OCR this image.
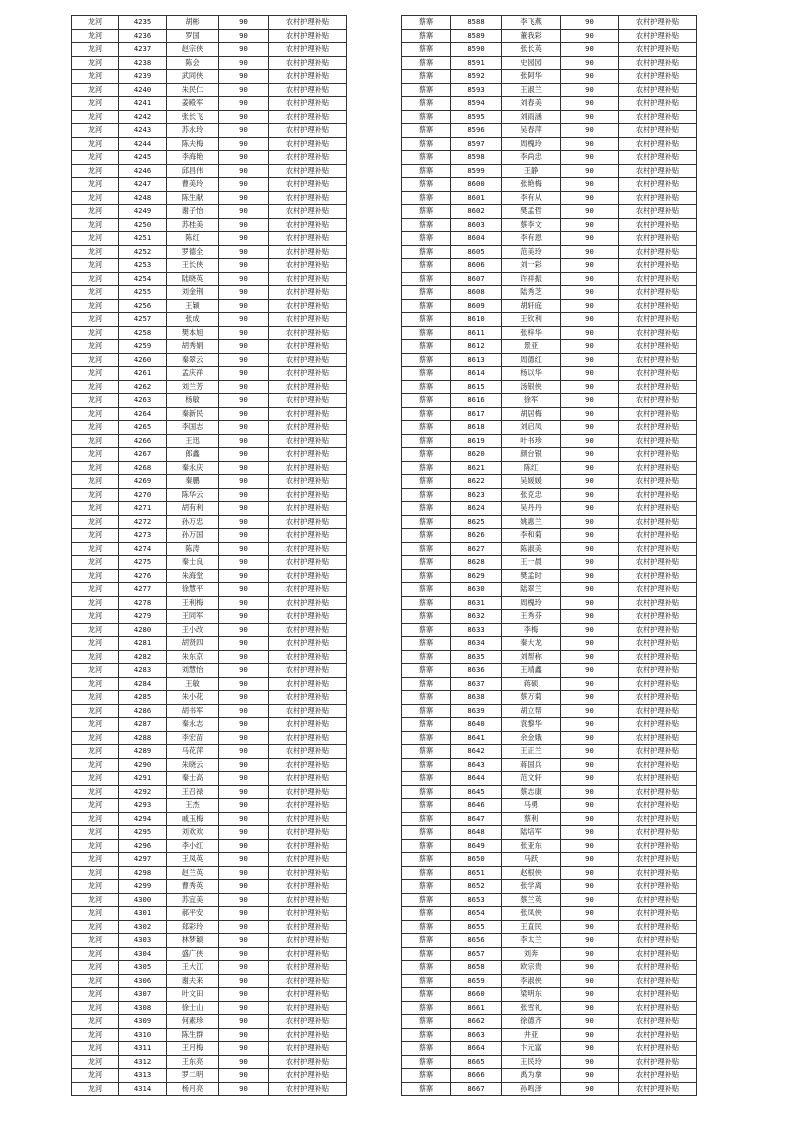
龙河	4235	胡彬	90	农村护理补贴
龙河	4236	罗国	90	农村护理补贴
龙河	4237	赵宗侠	90	农村护理补贴
龙河	4238	陈会	90	农村护理补贴
龙河	4239	武同侠	90	农村护理补贴
龙河	4240	朱民仁	90	农村护理补贴
龙河	4241	姜殿军	90	农村护理补贴
龙河	4242	张长飞	90	农村护理补贴
龙河	4243	苏永玲	90	农村护理补贴
龙河	4244	陈夫梅	90	农村护理补贴
龙河	4245	李海艳	90	农村护理补贴
龙河	4246	邱昌伟	90	农村护理补贴
龙河	4247	曹美玲	90	农村护理补贴
龙河	4248	陈生献	90	农村护理补贴
龙河	4249	谢子怡	90	农村护理补贴
龙河	4250	苏桂美	90	农村护理补贴
龙河	4251	陈红	90	农村护理补贴
龙河	4252	罗德全	90	农村护理补贴
龙河	4253	王长侠	90	农村护理补贴
龙河	4254	陆晓英	90	农村护理补贴
龙河	4255	刘金荆	90	农村护理补贴
龙河	4256	王颖	90	农村护理补贴
龙河	4257	张成	90	农村护理补贴
龙河	4258	樊本旭	90	农村护理补贴
龙河	4259	胡秀娟	90	农村护理补贴
龙河	4260	秦翠云	90	农村护理补贴
龙河	4261	孟庆祥	90	农村护理补贴
龙河	4262	刘兰芳	90	农村护理补贴
龙河	4263	杨敏	90	农村护理补贴
龙河	4264	秦新民	90	农村护理补贴
龙河	4265	李国志	90	农村护理补贴
龙河	4266	王迅	90	农村护理补贴
龙河	4267	郎鑫	90	农村护理补贴
龙河	4268	秦永庆	90	农村护理补贴
龙河	4269	秦鹏	90	农村护理补贴
龙河	4270	陈华云	90	农村护理补贴
龙河	4271	胡有利	90	农村护理补贴
龙河	4272	孙万忠	90	农村护理补贴
龙河	4273	孙万国	90	农村护理补贴
龙河	4274	陈涛	90	农村护理补贴
龙河	4275	秦士良	90	农村护理补贴
龙河	4276	朱海堂	90	农村护理补贴
龙河	4277	徐慧平	90	农村护理补贴
龙河	4278	王利梅	90	农村护理补贴
龙河	4279	王同军	90	农村护理补贴
龙河	4280	王小改	90	农村护理补贴
龙河	4281	胡贤四	90	农村护理补贴
龙河	4282	朱东京	90	农村护理补贴
龙河	4283	刘慧怡	90	农村护理补贴
龙河	4284	王敏	90	农村护理补贴
龙河	4285	朱小花	90	农村护理补贴
龙河	4286	胡书军	90	农村护理补贴
龙河	4287	秦永志	90	农村护理补贴
龙河	4288	李宏苗	90	农村护理补贴
龙河	4289	马花萍	90	农村护理补贴
龙河	4290	朱晓云	90	农村护理补贴
龙河	4291	秦士高	90	农村护理补贴
龙河	4292	王召禄	90	农村护理补贴
龙河	4293	王杰	90	农村护理补贴
龙河	4294	戚玉梅	90	农村护理补贴
龙河	4295	刘欢欢	90	农村护理补贴
龙河	4296	李小红	90	农村护理补贴
龙河	4297	王凤英	90	农村护理补贴
龙河	4298	赵兰英	90	农村护理补贴
龙河	4299	曹秀英	90	农村护理补贴
龙河	4300	苏宜美	90	农村护理补贴
龙河	4301	郝平安	90	农村护理补贴
龙河	4302	郑彩玲	90	农村护理补贴
龙河	4303	林梦颖	90	农村护理补贴
龙河	4304	盛广侠	90	农村护理补贴
龙河	4305	王大江	90	农村护理补贴
龙河	4306	谢夫来	90	农村护理补贴
龙河	4307	叶文田	90	农村护理补贴
龙河	4308	徐士山	90	农村护理补贴
龙河	4309	何素珍	90	农村护理补贴
龙河	4310	陈生群	90	农村护理补贴
龙河	4311	王月梅	90	农村护理补贴
龙河	4312	王东亮	90	农村护理补贴
龙河	4313	罗二明	90	农村护理补贴
龙河	4314	杨月亮	90	农村护理补贴
蔡寨	8588	李飞燕	90	农村护理补贴
蔡寨	8589	董我彩	90	农村护理补贴
蔡寨	8590	张长英	90	农村护理补贴
蔡寨	8591	史园园	90	农村护理补贴
蔡寨	8592	张阿华	90	农村护理补贴
蔡寨	8593	王淑兰	90	农村护理补贴
蔡寨	8594	刘春美	90	农村护理补贴
蔡寨	8595	刘雨涵	90	农村护理补贴
蔡寨	8596	吴春萍	90	农村护理补贴
蔡寨	8597	周槐玲	90	农村护理补贴
蔡寨	8598	李尚忠	90	农村护理补贴
蔡寨	8599	王静	90	农村护理补贴
蔡寨	8600	张艳梅	90	农村护理补贴
蔡寨	8601	李有从	90	农村护理补贴
蔡寨	8602	樊孟哲	90	农村护理补贴
蔡寨	8603	蔡李文	90	农村护理补贴
蔡寨	8604	李有恩	90	农村护理补贴
蔡寨	8605	范美玲	90	农村护理补贴
蔡寨	8606	刘一彩	90	农村护理补贴
蔡寨	8607	许祥振	90	农村护理补贴
蔡寨	8608	陆秀芝	90	农村护理补贴
蔡寨	8609	胡轩庭	90	农村护理补贴
蔡寨	8610	王钦利	90	农村护理补贴
蔡寨	8611	张梓华	90	农村护理补贴
蔡寨	8612	景亚	90	农村护理补贴
蔡寨	8613	周德红	90	农村护理补贴
蔡寨	8614	杨以华	90	农村护理补贴
蔡寨	8615	汤银侠	90	农村护理补贴
蔡寨	8616	徐军	90	农村护理补贴
蔡寨	8617	胡居梅	90	农村护理补贴
蔡寨	8618	刘启凤	90	农村护理补贴
蔡寨	8619	叶书珍	90	农村护理补贴
蔡寨	8620	颜台银	90	农村护理补贴
蔡寨	8621	陈红	90	农村护理补贴
蔡寨	8622	吴媛媛	90	农村护理补贴
蔡寨	8623	张克忠	90	农村护理补贴
蔡寨	8624	吴丹丹	90	农村护理补贴
蔡寨	8625	姚惠兰	90	农村护理补贴
蔡寨	8626	李和菊	90	农村护理补贴
蔡寨	8627	陈淑美	90	农村护理补贴
蔡寨	8628	王一晨	90	农村护理补贴
蔡寨	8629	樊孟时	90	农村护理补贴
蔡寨	8630	陆翠兰	90	农村护理补贴
蔡寨	8631	周槐玲	90	农村护理补贴
蔡寨	8632	王秀芬	90	农村护理补贴
蔡寨	8633	李梅	90	农村护理补贴
蔡寨	8634	秦大龙	90	农村护理补贴
蔡寨	8635	刘帮称	90	农村护理补贴
蔡寨	8636	王靖鑫	90	农村护理补贴
蔡寨	8637	蒋硕	90	农村护理补贴
蔡寨	8638	蔡万菊	90	农村护理补贴
蔡寨	8639	胡立帮	90	农村护理补贴
蔡寨	8640	袁黎华	90	农村护理补贴
蔡寨	8641	余金娥	90	农村护理补贴
蔡寨	8642	王正兰	90	农村护理补贴
蔡寨	8643	蒋国兵	90	农村护理补贴
蔡寨	8644	范文轩	90	农村护理补贴
蔡寨	8645	蔡志康	90	农村护理补贴
蔡寨	8646	马勇	90	农村护理补贴
蔡寨	8647	蔡利	90	农村护理补贴
蔡寨	8648	陆培军	90	农村护理补贴
蔡寨	8649	张亚东	90	农村护理补贴
蔡寨	8650	马跃	90	农村护理补贴
蔡寨	8651	赵根侠	90	农村护理补贴
蔡寨	8652	张学离	90	农村护理补贴
蔡寨	8653	蔡兰英	90	农村护理补贴
蔡寨	8654	张凤侠	90	农村护理补贴
蔡寨	8655	王直民	90	农村护理补贴
蔡寨	8656	李太兰	90	农村护理补贴
蔡寨	8657	刘奔	90	农村护理补贴
蔡寨	8658	欧宗贵	90	农村护理补贴
蔡寨	8659	李淑侠	90	农村护理补贴
蔡寨	8660	梁明东	90	农村护理补贴
蔡寨	8661	张雪礼	90	农村护理补贴
蔡寨	8662	徐德齐	90	农村护理补贴
蔡寨	8663	井亚	90	农村护理补贴
蔡寨	8664	卞元富	90	农村护理补贴
蔡寨	8665	王民玲	90	农村护理补贴
蔡寨	8666	禹为拿	90	农村护理补贴
蔡寨	8667	孙鸣泽	90	农村护理补贴
